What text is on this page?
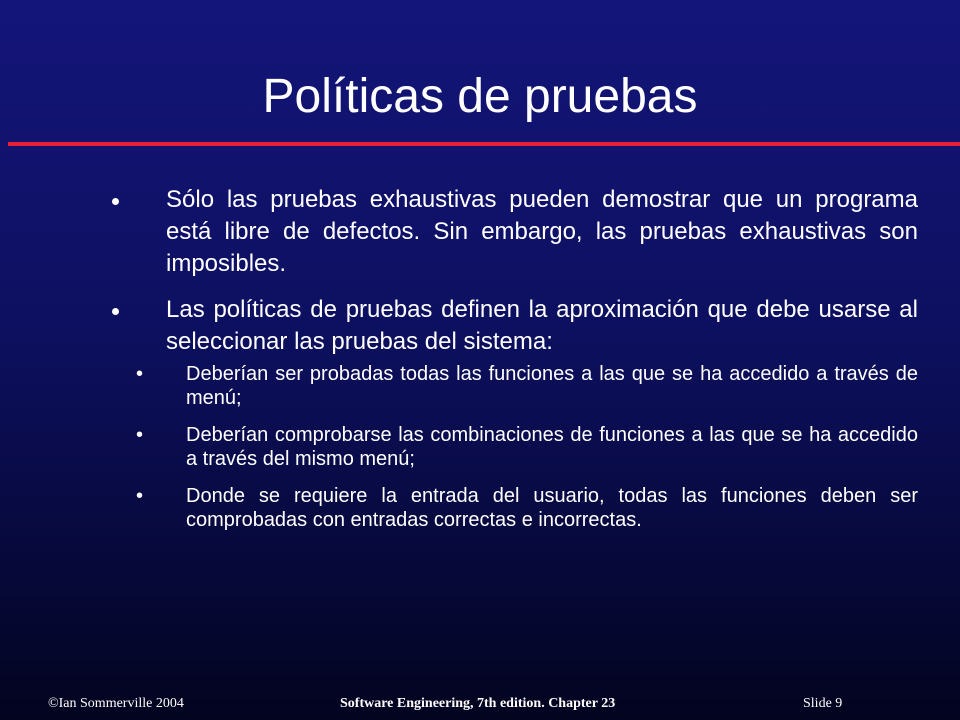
Políticas de pruebas
Sólo las pruebas exhaustivas pueden demostrar que un programa está libre de defectos. Sin embargo, las pruebas exhaustivas son imposibles.
Las políticas de pruebas definen la aproximación que debe usarse al seleccionar las pruebas del sistema:
• Deberían ser probadas todas las funciones a las que se ha accedido a través de menú;
• Deberían comprobarse las combinaciones de funciones a las que se ha accedido a través del mismo menú;
• Donde se requiere la entrada del usuario, todas las funciones deben ser comprobadas con entradas correctas e incorrectas.
©Ian Sommerville 2004	Software Engineering, 7th edition. Chapter 23	Slide 9
